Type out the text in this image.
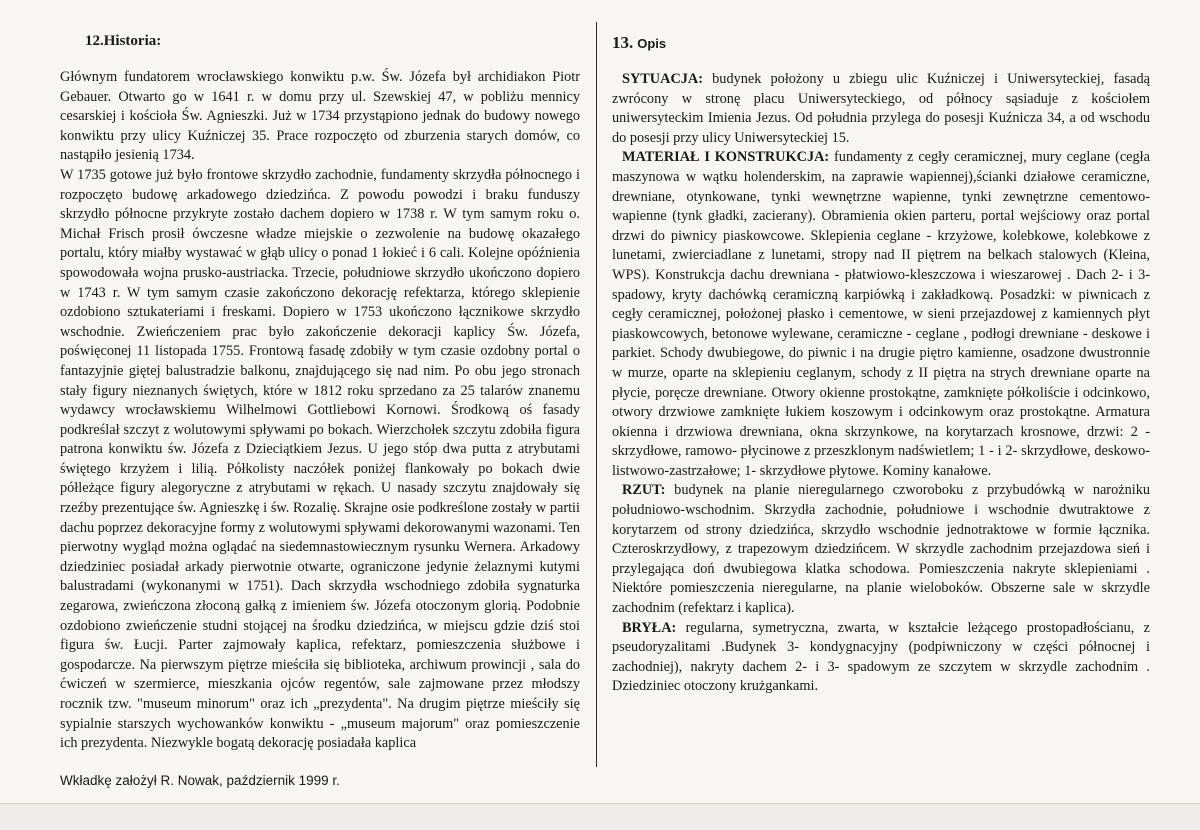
12.Historia:

Głównym fundatorem wrocławskiego konwiktu p.w. Św. Józefa był archidiakon Piotr Gebauer. Otwarto go w 1641 r. w domu przy ul. Szewskiej 47, w pobliżu mennicy cesarskiej i kościoła Św. Agnieszki. Już w 1734 przystąpiono jednak do budowy nowego konwiktu przy ulicy Kuźniczej 35. Prace rozpoczęto od zburzenia starych domów, co nastąpiło jesienią 1734.

W 1735 gotowe już było frontowe skrzydło zachodnie, fundamenty skrzydła północnego i rozpoczęto budowę arkadowego dziedzińca. Z powodu powodzi i braku funduszy skrzydło północne przykryte zostało dachem dopiero w 1738 r. W tym samym roku o. Michał Frisch prosił ówczesne władze miejskie o zezwolenie na budowę okazałego portalu, który miałby wystawać w głąb ulicy o ponad 1 łokieć i 6 cali. Kolejne opóźnienia spowodowała wojna prusko-austriacka. Trzecie, południowe skrzydło ukończono dopiero w 1743 r. W tym samym czasie zakończono dekorację refektarza, którego sklepienie ozdobiono sztukateriami i freskami. Dopiero w 1753 ukończono łącznikowe skrzydło wschodnie. Zwieńczeniem prac było zakończenie dekoracji kaplicy Św. Józefa, poświęconej 11 listopada 1755. Frontową fasadę zdobiły w tym czasie ozdobny portal o fantazyjnie giętej balustradzie balkonu, znajdującego się nad nim. Po obu jego stronach stały figury nieznanych świętych, które w 1812 roku sprzedano za 25 talarów znanemu wydawcy wrocławskiemu Wilhelmowi Gottliebowi Kornowi. Środkową oś fasady podkreślał szczyt z wolutowymi spływami po bokach. Wierzchołek szczytu zdobiła figura patrona konwiktu św. Józefa z Dzieciątkiem Jezus. U jego stóp dwa putta z atrybutami świętego krzyżem i lilią. Półkolisty naczółek poniżej flankowały po bokach dwie półleżące figury alegoryczne z atrybutami w rękach. U nasady szczytu znajdowały się rzeźby prezentujące św. Agnieszkę i św. Rozalię. Skrajne osie podkreślone zostały w partii dachu poprzez dekoracyjne formy z wolutowymi spływami dekorowanymi wazonami. Ten pierwotny wygląd można oglądać na siedemnastowiecznym rysunku Wernera. Arkadowy dziedziniec posiadał arkady pierwotnie otwarte, ograniczone jedynie żelaznymi kutymi balustradami (wykonanymi w 1751). Dach skrzydła wschodniego zdobiła sygnaturka zegarowa, zwieńczona złoconą gałką z imieniem św. Józefa otoczonym glorią. Podobnie ozdobiono zwieńczenie studni stojącej na środku dziedzińca, w miejscu gdzie dziś stoi figura św. Łucji. Parter zajmowały kaplica, refektarz, pomieszczenia służbowe i gospodarcze. Na pierwszym piętrze mieściła się biblioteka, archiwum prowincji , sala do ćwiczeń w szermierce, mieszkania ojców regentów, sale zajmowane przez młodszy rocznik tzw. "museum minorum" oraz ich „prezydenta". Na drugim piętrze mieściły się sypialnie starszych wychowanków konwiktu - „museum majorum" oraz pomieszczenie ich prezydenta. Niezwykle bogatą dekorację posiadała kaplica

13. Opis

SYTUACJA: budynek położony u zbiegu ulic Kuźniczej i Uniwersyteckiej, fasadą zwrócony w stronę placu Uniwersyteckiego, od północy sąsiaduje z kościołem uniwersyteckim Imienia Jezus. Od południa przylega do posesji Kuźnicza 34, a od wschodu do posesji przy ulicy Uniwersyteckiej 15.

MATERIAŁ I KONSTRUKCJA: fundamenty z cegły ceramicznej, mury ceglane (cegła maszynowa w wątku holenderskim, na zaprawie wapiennej),ścianki działowe ceramiczne, drewniane, otynkowane, tynki wewnętrzne wapienne, tynki zewnętrzne cementowo-wapienne (tynk gładki, zacierany). Obramienia okien parteru, portal wejściowy oraz portal drzwi do piwnicy piaskowcowe. Sklepienia ceglane - krzyżowe, kolebkowe, kolebkowe z lunetami, zwierciadlane z lunetami, stropy nad II piętrem na belkach stalowych (Kleina, WPS). Konstrukcja dachu drewniana - płatwiowo-kleszczowa i wieszarowej . Dach 2- i 3- spadowy, kryty dachówką ceramiczną karpiówką i zakładkową. Posadzki: w piwnicach z cegły ceramicznej, położonej płasko i cementowe, w sieni przejazdowej z kamiennych płyt piaskowcowych, betonowe wylewane, ceramiczne - ceglane , podłogi drewniane - deskowe i parkiet. Schody dwubiegowe, do piwnic i na drugie piętro kamienne, osadzone dwustronnie w murze, oparte na sklepieniu ceglanym, schody z II piętra na strych drewniane oparte na płycie, poręcze drewniane. Otwory okienne prostokątne, zamknięte półkoliście i odcinkowo, otwory drzwiowe zamknięte łukiem koszowym i odcinkowym oraz prostokątne. Armatura okienna i drzwiowa drewniana, okna skrzynkowe, na korytarzach krosnowe, drzwi: 2 - skrzydłowe, ramowo- płycinowe z przeszklonym nadświetlem; 1 - i 2- skrzydłowe, deskowo-listwowo-zastrzałowe; 1- skrzydłowe płytowe. Kominy kanałowe.

RZUT: budynek na planie nieregularnego czworoboku z przybudówką w narożniku południowo-wschodnim. Skrzydła zachodnie, południowe i wschodnie dwutraktowe z korytarzem od strony dziedzińca, skrzydło wschodnie jednotraktowe w formie łącznika. Czteroskrzydłowy, z trapezowym dziedzińcem. W skrzydle zachodnim przejazdowa sień i przylegająca doń dwubiegowa klatka schodowa. Pomieszczenia nakryte sklepieniami . Niektóre pomieszczenia nieregularne, na planie wieloboków. Obszerne sale w skrzydle zachodnim (refektarz i kaplica).

BRYŁA: regularna, symetryczna, zwarta, w kształcie leżącego prostopadłościanu, z pseudoryzalitami .Budynek 3- kondygnacyjny (podpiwniczony w części północnej i zachodniej), nakryty dachem 2- i 3- spadowym ze szczytem w skrzydle zachodnim . Dziedziniec otoczony krużgankami.

Wkładkę założył R. Nowak, październik 1999 r.
